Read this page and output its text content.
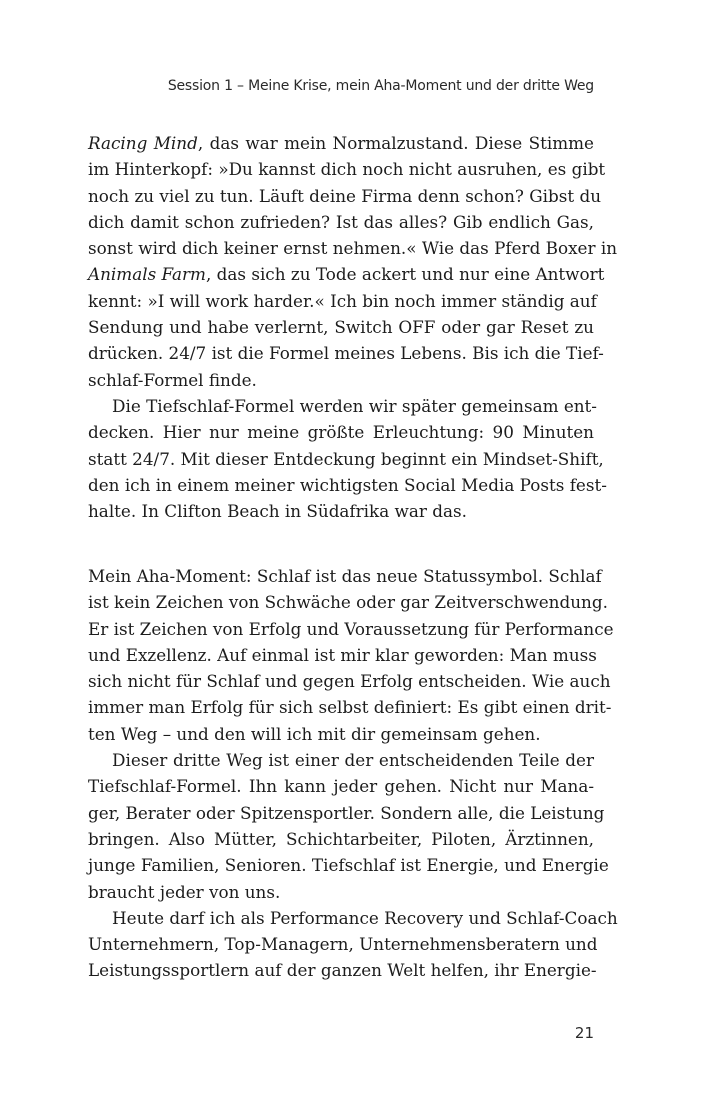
Session 1 – Meine Krise, mein Aha-Moment und der dritte Weg

Racing Mind, das war mein Normalzustand. Diese Stimme
im Hinterkopf: »Du kannst dich noch nicht ausruhen, es gibt
noch zu viel zu tun. Läuft deine Firma denn schon? Gibst du
dich damit schon zufrieden? Ist das alles? Gib endlich Gas,
sonst wird dich keiner ernst nehmen.« Wie das Pferd Boxer in
Animals Farm, das sich zu Tode ackert und nur eine Antwort
kennt: »I will work harder.« Ich bin noch immer ständig auf
Sendung und habe verlernt, Switch OFF oder gar Reset zu
drücken. 24/7 ist die Formel meines Lebens. Bis ich die Tief-
schlaf-Formel finde.

Die Tiefschlaf-Formel werden wir später gemeinsam ent-
decken. Hier nur meine größte Erleuchtung: 90 Minuten
statt 24/7. Mit dieser Entdeckung beginnt ein Mindset-Shift,
den ich in einem meiner wichtigsten Social Media Posts fest-
halte. In Clifton Beach in Südafrika war das.

Mein Aha-Moment: Schlaf ist das neue Statussymbol. Schlaf
ist kein Zeichen von Schwäche oder gar Zeitverschwendung.
Er ist Zeichen von Erfolg und Voraussetzung für Performance
und Exzellenz. Auf einmal ist mir klar geworden: Man muss
sich nicht für Schlaf und gegen Erfolg entscheiden. Wie auch
immer man Erfolg für sich selbst definiert: Es gibt einen drit-
ten Weg – und den will ich mit dir gemeinsam gehen.

Dieser dritte Weg ist einer der entscheidenden Teile der
Tiefschlaf-Formel. Ihn kann jeder gehen. Nicht nur Mana-
ger, Berater oder Spitzensportler. Sondern alle, die Leistung
bringen. Also Mütter, Schichtarbeiter, Piloten, Ärztinnen,
junge Familien, Senioren. Tiefschlaf ist Energie, und Energie
braucht jeder von uns.

Heute darf ich als Performance Recovery und Schlaf-Coach
Unternehmern, Top-Managern, Unternehmensberatern und
Leistungssportlern auf der ganzen Welt helfen, ihr Energie-

21
